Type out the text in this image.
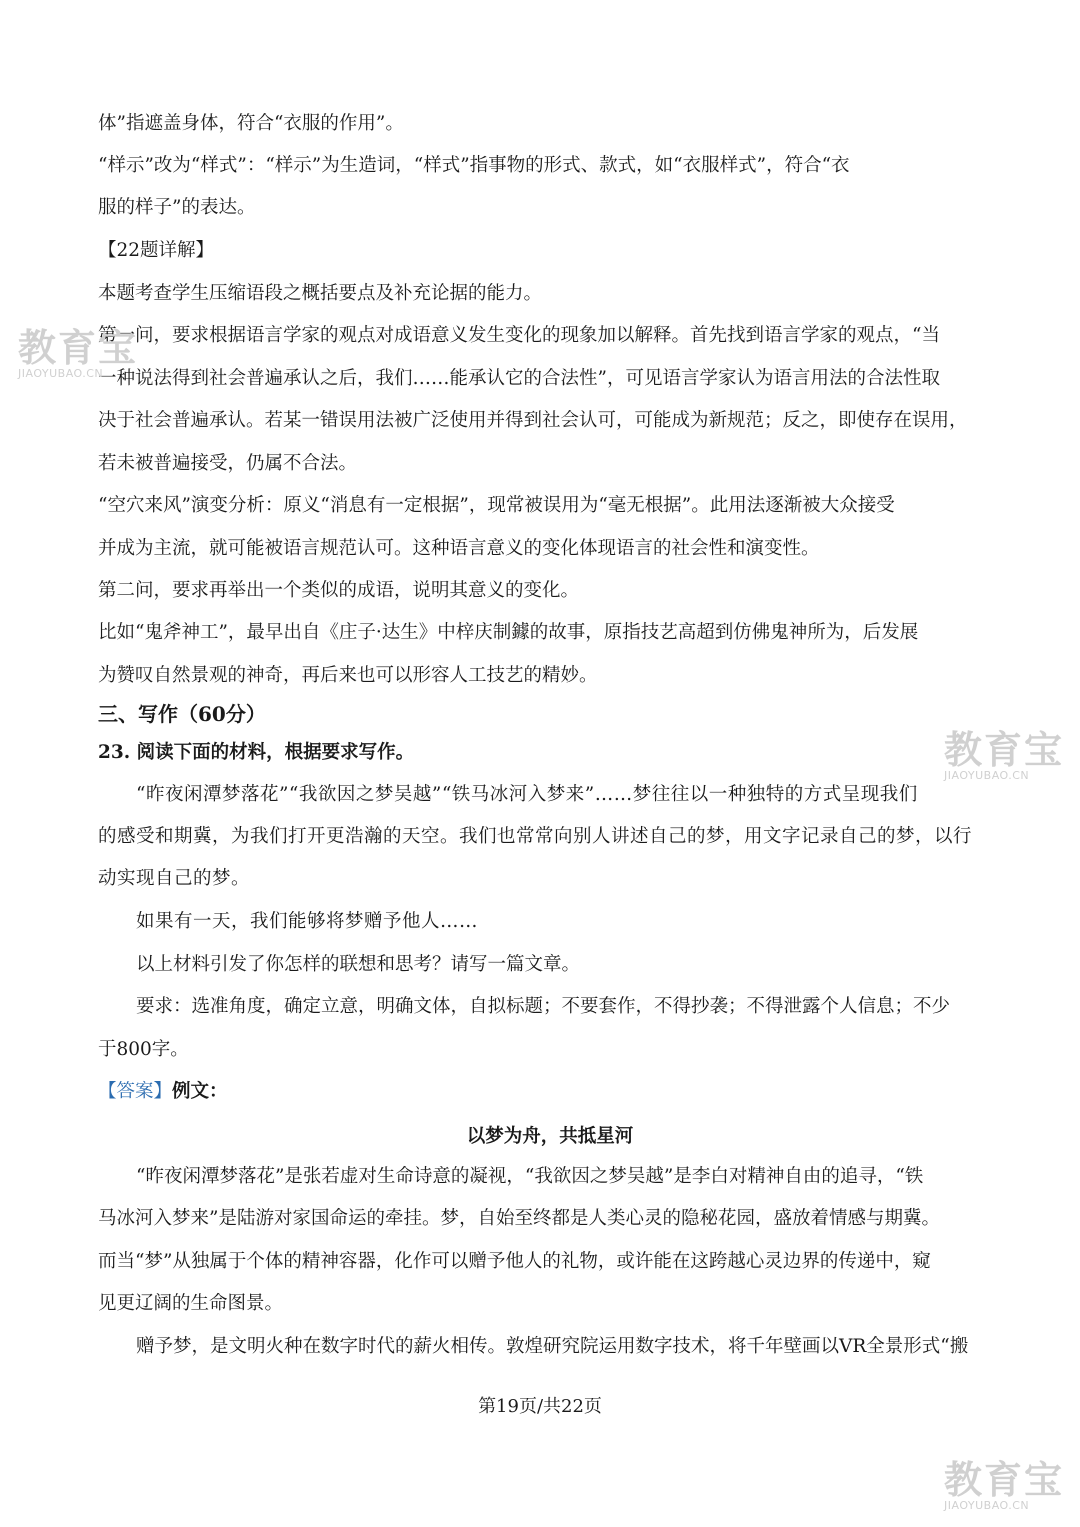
体”指遮盖身体，符合“衣服的作用”。
“样示”改为“样式”：“样示”为生造词，“样式”指事物的形式、款式，如“衣服样式”，符合“衣
服的样子”的表达。
【22题详解】
本题考查学生压缩语段之概括要点及补充论据的能力。
第一问，要求根据语言学家的观点对成语意义发生变化的现象加以解释。首先找到语言学家的观点，“当
一种说法得到社会普遍承认之后，我们……能承认它的合法性”，可见语言学家认为语言用法的合法性取
决于社会普遍承认。若某一错误用法被广泛使用并得到社会认可，可能成为新规范；反之，即使存在误用，
若未被普遍接受，仍属不合法。
“空穴来风”演变分析：原义“消息有一定根据”，现常被误用为“毫无根据”。此用法逐渐被大众接受
并成为主流，就可能被语言规范认可。这种语言意义的变化体现语言的社会性和演变性。
第二问，要求再举出一个类似的成语，说明其意义的变化。
比如“鬼斧神工”，最早出自《庄子·达生》中梓庆制鐻的故事，原指技艺高超到仿佛鬼神所为，后发展
为赞叹自然景观的神奇，再后来也可以形容人工技艺的精妙。
三、写作（60分）
23. 阅读下面的材料，根据要求写作。
“昨夜闲潭梦落花”“我欲因之梦吴越”“铁马冰河入梦来”……梦往往以一种独特的方式呈现我们
的感受和期冀，为我们打开更浩瀚的天空。我们也常常向别人讲述自己的梦，用文字记录自己的梦，以行
动实现自己的梦。
如果有一天，我们能够将梦赠予他人……
以上材料引发了你怎样的联想和思考？请写一篇文章。
要求：选准角度，确定立意，明确文体，自拟标题；不要套作，不得抄袭；不得泄露个人信息；不少
于800字。
【答案】例文：
以梦为舟，共抵星河
“昨夜闲潭梦落花”是张若虚对生命诗意的凝视，“我欲因之梦吴越”是李白对精神自由的追寻，“铁
马冰河入梦来”是陆游对家国命运的牵挂。梦，自始至终都是人类心灵的隐秘花园，盛放着情感与期冀。
而当“梦”从独属于个体的精神容器，化作可以赠予他人的礼物，或许能在这跨越心灵边界的传递中，窥
见更辽阔的生命图景。
赠予梦，是文明火种在数字时代的薪火相传。敦煌研究院运用数字技术，将千年壁画以VR全景形式“搬
第19页/共22页
教育宝
JIAOYUBAO.CN
教育宝
JIAOYUBAO.CN
教育宝
JIAOYUBAO.CN
